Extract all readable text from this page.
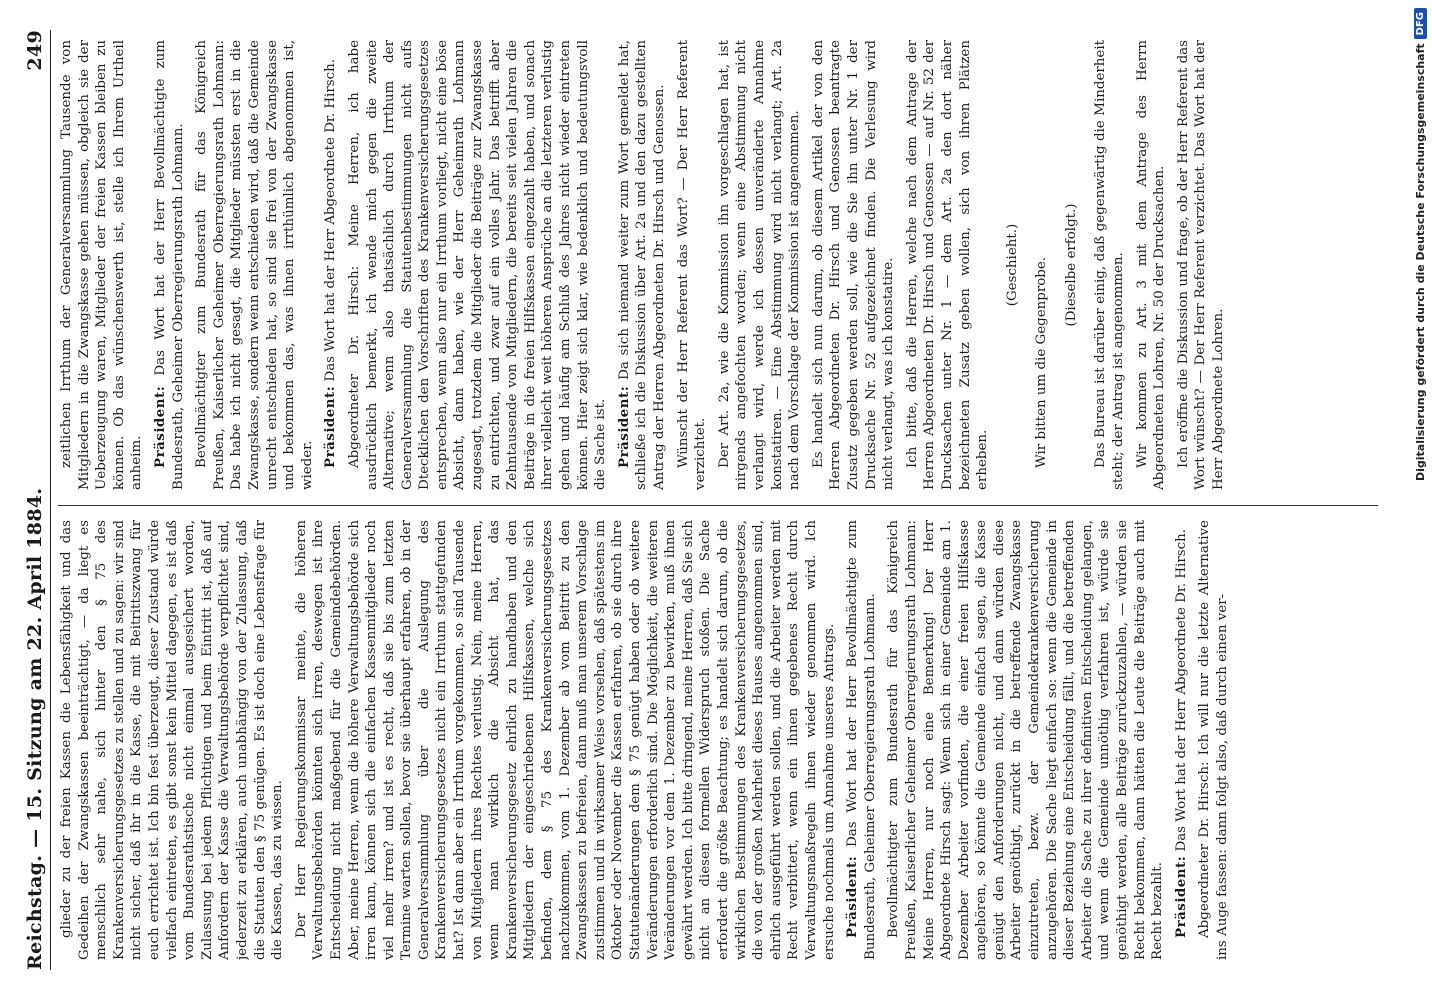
Reichstag. — 15. Sitzung am 22. April 1884.
249

glieder zu der freien Kassen die Lebensfähigkeit und das Gedeihen der Zwangskassen beeinträchtigt, — da liegt es menschlich sehr nahe, sich hinter den § 75 des Krankenversicherungsgesetzes zu stellen und zu sagen: wir sind nicht sicher, daß ihr in die Kasse, die mit Beitrittszwang für euch errichtet ist. Ich bin fest überzeugt, dieser Zustand würde vielfach eintreten, es gibt sonst kein Mittel dagegen, es ist daß vom Bundesrathstische nicht einmal ausgesichert worden, Zulassung bei jedem Pflichtigen und beim Eintritt ist, daß auf Anfordern der Kasse die Verwaltungsbehörde verpflichtet sind, jederzeit zu erklären, auch unabhängig von der Zulassung, daß die Statuten den § 75 genügen. Es ist doch eine Lebensfrage für die Kassen, das zu wissen. Der Herr Regierungskommissar meinte, die höheren Verwaltungsbehörden könnten sich irren, deswegen ist ihre Entscheidung nicht maßgebend für die Gemeindebehörden. Aber, meine Herren, wenn die höhere Verwaltungsbehörde sich irren kann, können sich die einfachen Kassenmitglieder noch viel mehr irren? und ist es recht, daß sie bis zum letzten Termine warten sollen, bevor sie überhaupt erfahren, ob in der Generalversammlung über die Auslegung des Krankenversicherungsgesetzes nicht ein Irrthum stattgefunden hat? Ist dann aber ein Irrthum vorgekommen, so sind Tausende von Mitgliedern ihres Rechtes verlustig. Nein, meine Herren, wenn man wirklich die Absicht hat, das Krankenversicherungsgesetz ehrlich zu handhaben und den Mitgliedern der eingeschriebenen Hilfskassen, welche sich befinden, dem § 75 des Krankenversicherungsgesetzes nachzukommen, vom 1. Dezember ab vom Beitritt zu den Zwangskassen zu befreien, dann muß man unserem Vorschlage zustimmen und in wirksamer Weise vorsehen, daß spätestens im Oktober oder November die Kassen erfahren, ob sie durch ihre Statutenänderungen dem § 75 genügt haben oder ob weitere Veränderungen erforderlich sind. Die Möglichkeit, die weiteren Veränderungen vor dem 1. Dezember zu bewirken, muß ihnen gewährt werden. Ich bitte dringend, meine Herren, daß Sie sich nicht an diesen formellen Widerspruch stoßen. Die Sache erfordert die größte Beachtung; es handelt sich darum, ob die wirklichen Bestimmungen des Krankenversicherungsgesetzes, die von der großen Mehrheit dieses Hauses angenommen sind, ehrlich ausgeführt werden sollen, und die Arbeiter werden mit Recht verbittert, wenn ein ihnen gegebenes Recht durch Verwaltungsmaßregeln ihnen wieder genommen wird. Ich ersuche nochmals um Annahme unseres Antrags. Präsident: Das Wort hat der Herr Bevollmächtigte zum Bundesrath, Geheimer Oberregierungsrath Lohmann. Bevollmächtigter zum Bundesrath für das Königreich Preußen, Kaiserlicher Geheimer Oberregierungsrath Lohmann: Meine Herren, nur noch eine Bemerkung! Der Herr Abgeordnete Hirsch sagt: Wenn sich in einer Gemeinde am 1. Dezember Arbeiter vorfinden, die einer freien Hilfskasse angehören, so könnte die Gemeinde einfach sagen, die Kasse genügt den Anforderungen nicht, und dann würden diese Arbeiter genöthigt, zurückt in die betreffende Zwangskasse einzutreten, bezw. der Gemeindekrankenversicherung anzugehören. Die Sache liegt einfach so: wenn die Gemeinde in dieser Beziehung eine Entscheidung fällt, und die betreffenden Arbeiter die Sache zu ihrer definitiven Entscheidung gelangen, und wenn die Gemeinde unnöthig verfahren ist, würde sie genöthigt werden, alle Beiträge zurückzuzahlen, — würden sie Recht bekommen, dann hätten die Leute die Beiträge auch mit Recht bezahlt. Präsident: Das Wort hat der Herr Abgeordnete Dr. Hirsch. Abgeordneter Dr. Hirsch: Ich will nur die letzte Alternative ins Auge fassen: dann folgt also, daß durch einen ver-

zeitlichen Irrthum der Generalversammlung Tausende von Mitgliedern in die Zwangskasse gehen müssen, obgleich sie der Ueberzeugung waren, Mitglieder der freien Kassen bleiben zu können. Ob das wünschenswerth ist, stelle ich Ihrem Urtheil anheim. Präsident: Das Wort hat der Herr Bevollmächtigte zum Bundesrath, Geheimer Oberregierungsrath Lohmann. Bevollmächtigter zum Bundesrath für das Königreich Preußen, Kaiserlicher Geheimer Oberregierungsrath Lohmann: Das habe ich nicht gesagt, die Mitglieder müssten erst in die Zwangskasse, sondern wenn entschieden wird, daß die Gemeinde unrecht entschieden hat, so sind sie frei von der Zwangskasse und bekommen das, was ihnen irrthümlich abgenommen ist, wieder. Präsident: Das Wort hat der Herr Abgeordnete Dr. Hirsch. Abgeordneter Dr. Hirsch: Meine Herren, ich habe ausdrücklich bemerkt, ich wende mich gegen die zweite Alternative; wenn also thatsächlich durch Irrthum der Generalversammlung die Statutenbestimmungen nicht aufs Dtecklichen den Vorschriften des Krankenversicherungsgesetzes entsprechen, wenn also nur ein Irrthum vorliegt, nicht eine böse Absicht, dann haben, wie der Herr Geheimrath Lohmann zugesagt, trotzdem die Mitglieder die Beiträge zur Zwangskasse zu entrichten, und zwar auf ein volles Jahr. Das betrifft aber Zehntausende von Mitgliedern, die bereits seit vielen Jahren die Beiträge in die freien Hilfskassen eingezahlt haben, und sonach ihrer vielleicht weit höheren Ansprüche an die letzteren verlustig gehen und häufig am Schluß des Jahres nicht wieder eintreten können. Hier zeigt sich klar, wie bedenklich und bedeutungsvoll die Sache ist. Präsident: Da sich niemand weiter zum Wort gemeldet hat, schließe ich die Diskussion über Art. 2a und den dazu gestellten Antrag der Herren Abgeordneten Dr. Hirsch und Genossen. Wünscht der Herr Referent das Wort? — Der Herr Referent verzichtet. Der Art. 2a, wie die Kommission ihn vorgeschlagen hat, ist nirgends angefochten worden; wenn eine Abstimmung nicht verlangt wird, werde ich dessen unveränderte Annahme konstatiren. — Eine Abstimmung wird nicht verlangt; Art. 2a nach dem Vorschlage der Kommission ist angenommen. Es handelt sich nun darum, ob diesem Artikel der von den Herren Abgeordneten Dr. Hirsch und Genossen beantragte Zusatz gegeben werden soll, wie die Sie ihn unter Nr. 1 der Drucksache Nr. 52 aufgezeichnet finden. Die Verlesung wird nicht verlangt, was ich konstatire. Ich bitte, daß die Herren, welche nach dem Antrage der Herren Abgeordneten Dr. Hirsch und Genossen — auf Nr. 52 der Drucksachen unter Nr. 1 — dem Art. 2a den dort näher bezeichneten Zusatz geben wollen, sich von ihren Plätzen erheben.

(Geschieht.) Wir bitten um die Gegenprobe. (Dieselbe erfolgt.) Das Bureau ist darüber einig, daß gegenwärtig die Minderheit steht; der Antrag ist angenommen. Wir kommen zu Art. 3 mit dem Antrage des Herrn Abgeordneten Lohren, Nr. 50 der Drucksachen. Ich eröffne die Diskussion und frage, ob der Herr Referent das Wort wünscht? — Der Herr Referent verzichtet. Das Wort hat der Herr Abgeordnete Lohren.	Digitalisierung gefördert durch die Deutsche Forschungsgemeinschaft
DFG
